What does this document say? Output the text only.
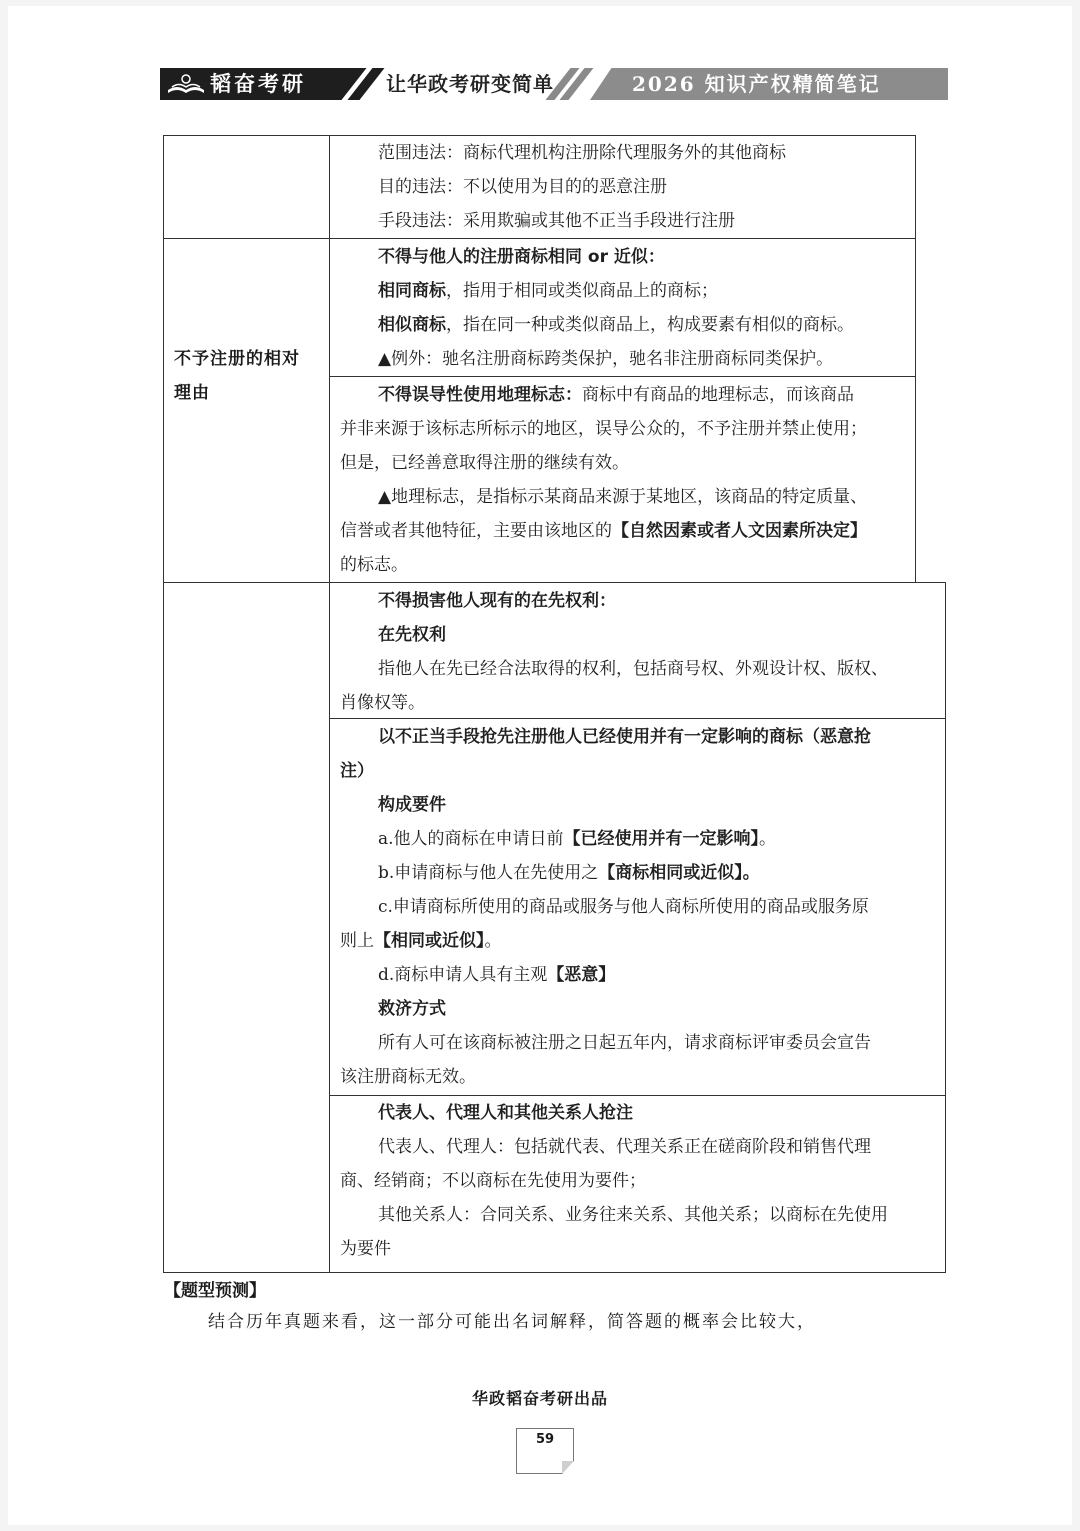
韬奋考研	让华政考研变简单	2026 知识产权精简笔记
范围违法：商标代理机构注册除代理服务外的其他商标
目的违法：不以使用为目的的恶意注册
手段违法：采用欺骗或其他不正当手段进行注册
不予注册的相对
理由
不得与他人的注册商标相同 or 近似：
相同商标，指用于相同或类似商品上的商标；
相似商标，指在同一种或类似商品上，构成要素有相似的商标。
▲例外：驰名注册商标跨类保护，驰名非注册商标同类保护。
不得误导性使用地理标志：商标中有商品的地理标志，而该商品
并非来源于该标志所标示的地区，误导公众的，不予注册并禁止使用；
但是，已经善意取得注册的继续有效。
▲地理标志，是指标示某商品来源于某地区，该商品的特定质量、
信誉或者其他特征，主要由该地区的【自然因素或者人文因素所决定】
的标志。
不得损害他人现有的在先权利：
在先权利
指他人在先已经合法取得的权利，包括商号权、外观设计权、版权、
肖像权等。
以不正当手段抢先注册他人已经使用并有一定影响的商标（恶意抢
注）
构成要件
a.他人的商标在申请日前【已经使用并有一定影响】。
b.申请商标与他人在先使用之【商标相同或近似】。
c.申请商标所使用的商品或服务与他人商标所使用的商品或服务原
则上【相同或近似】。
d.商标申请人具有主观【恶意】
救济方式
所有人可在该商标被注册之日起五年内，请求商标评审委员会宣告
该注册商标无效。
代表人、代理人和其他关系人抢注
代表人、代理人：包括就代表、代理关系正在磋商阶段和销售代理
商、经销商；不以商标在先使用为要件；
其他关系人：合同关系、业务往来关系、其他关系；以商标在先使用
为要件
【题型预测】
结合历年真题来看，这一部分可能出名词解释，简答题的概率会比较大，
华政韬奋考研出品
59
